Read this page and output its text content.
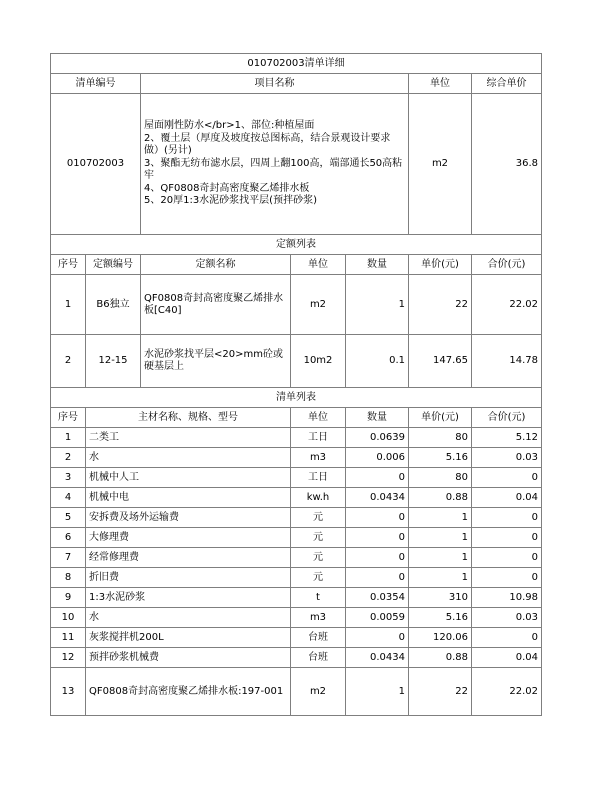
010702003清单详细						
清单编号		项目名称			单位	综合单价
010702003		屋面刚性防水</br>1、部位:种植屋面
2、覆土层（厚度及坡度按总图标高，结合景观设计要求做）(另计)
3、聚酯无纺布滤水层，四周上翻100高，端部通长50高粘牢
4、QF0808奇封高密度聚乙烯排水板
5、20厚1:3水泥砂浆找平层(预拌砂浆)			m2	36.8
定额列表						
序号	定额编号	定额名称	单位	数量	单价(元)	合价(元)
1	B6独立	QF0808奇封高密度聚乙烯排水板[C40]	m2	1	22	22.02
2	12-15	水泥砂浆找平层<20>mm砼或硬基层上	10m2	0.1	147.65	14.78
清单列表						
序号	主材名称、规格、型号		单位	数量	单价(元)	合价(元)
1	二类工		工日	0.0639	80	5.12
2	水		m3	0.006	5.16	0.03
3	机械中人工		工日	0	80	0
4	机械中电		kw.h	0.0434	0.88	0.04
5	安拆费及场外运输费		元	0	1	0
6	大修理费		元	0	1	0
7	经常修理费		元	0	1	0
8	折旧费		元	0	1	0
9	1:3水泥砂浆		t	0.0354	310	10.98
10	水		m3	0.0059	5.16	0.03
11	灰浆搅拌机200L		台班	0	120.06	0
12	预拌砂浆机械费		台班	0.0434	0.88	0.04
13	QF0808奇封高密度聚乙烯排水板:197-001		m2	1	22	22.02
